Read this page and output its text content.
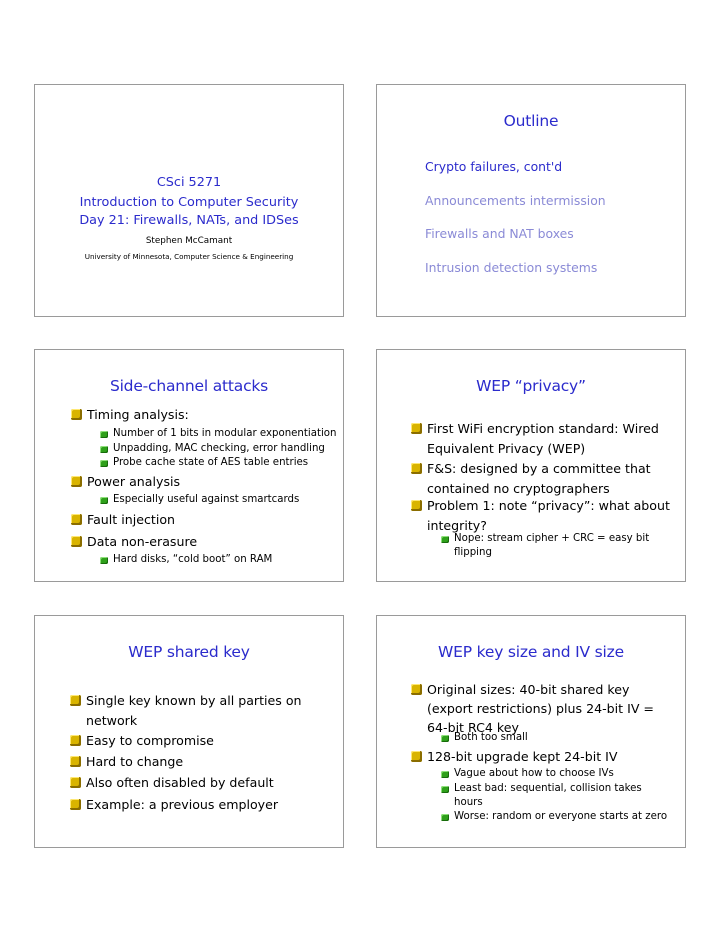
CSci 5271
Introduction to Computer Security
Day 21: Firewalls, NATs, and IDSes
Stephen McCamant
University of Minnesota, Computer Science & Engineering
Outline
Crypto failures, cont'd
Announcements intermission
Firewalls and NAT boxes
Intrusion detection systems
Side-channel attacks
Timing analysis:
Number of 1 bits in modular exponentiation
Unpadding, MAC checking, error handling
Probe cache state of AES table entries
Power analysis
Especially useful against smartcards
Fault injection
Data non-erasure
Hard disks, “cold boot” on RAM
WEP “privacy”
First WiFi encryption standard: Wired
Equivalent Privacy (WEP)
F&S: designed by a committee that
contained no cryptographers
Problem 1: note “privacy”: what about
integrity?
Nope: stream cipher + CRC = easy bit
flipping
WEP shared key
Single key known by all parties on
network
Easy to compromise
Hard to change
Also often disabled by default
Example: a previous employer
WEP key size and IV size
Original sizes: 40-bit shared key
(export restrictions) plus 24-bit IV =
64-bit RC4 key
Both too small
128-bit upgrade kept 24-bit IV
Vague about how to choose IVs
Least bad: sequential, collision takes
hours
Worse: random or everyone starts at zero
